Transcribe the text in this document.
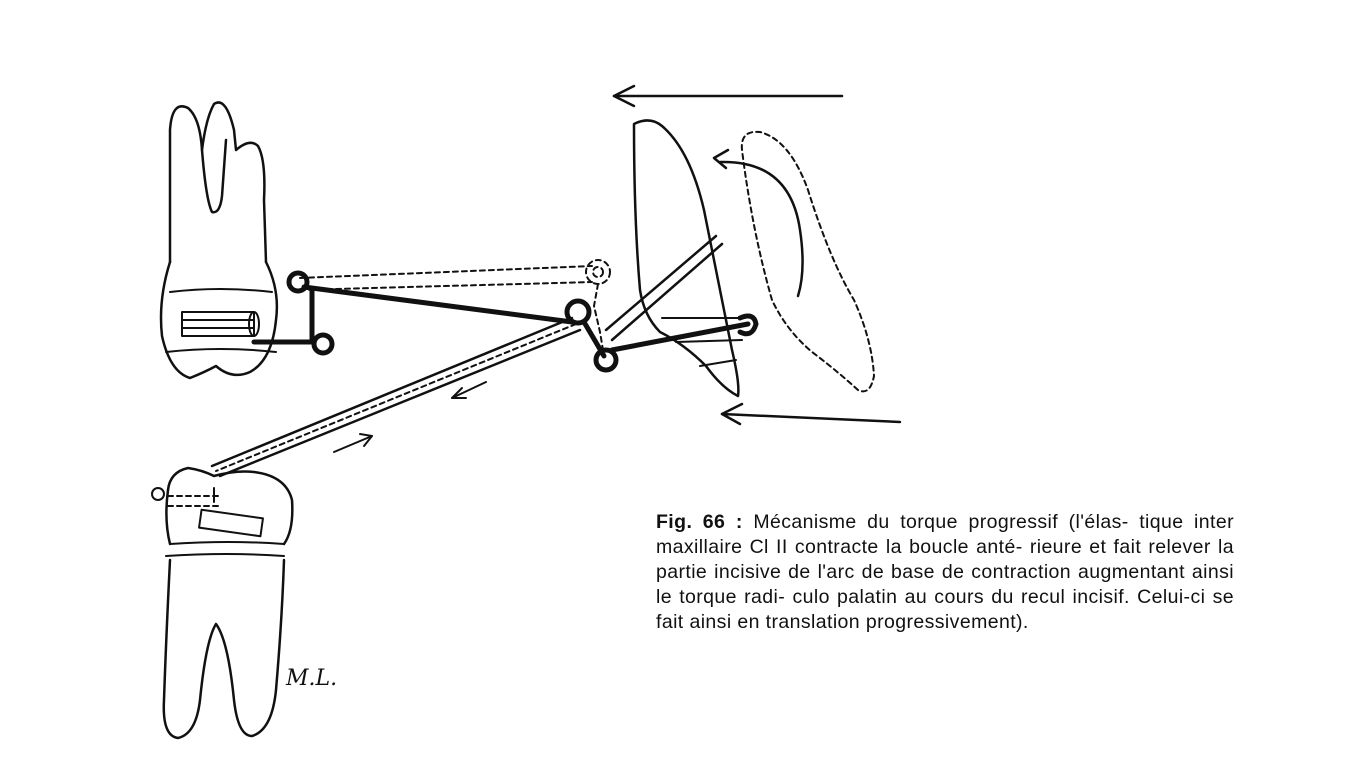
M.L.
Fig. 66 : Mécanisme du torque progressif (l'élas- tique inter maxillaire Cl II contracte la boucle anté- rieure et fait relever la partie incisive de l'arc de base de contraction augmentant ainsi le torque radi- culo palatin au cours du recul incisif. Celui-ci se fait ainsi en translation progressivement).
